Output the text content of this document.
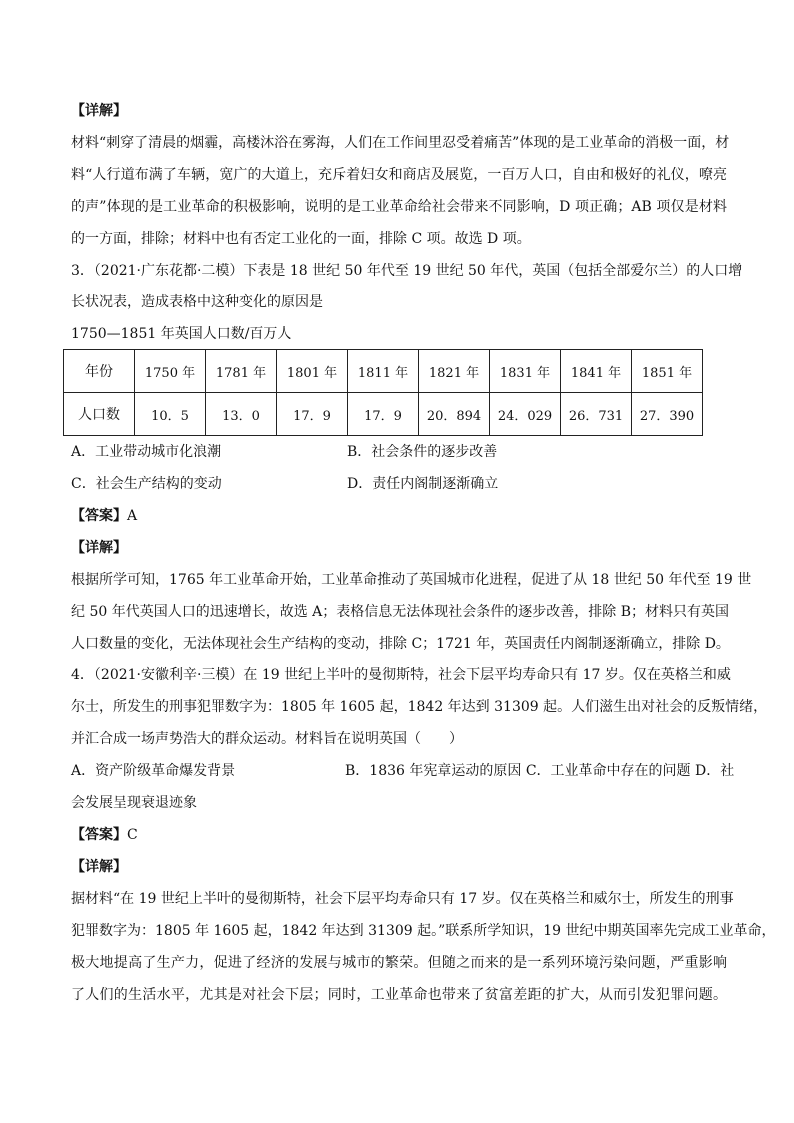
【详解】
材料“刺穿了清晨的烟霾，高楼沐浴在雾海，人们在工作间里忍受着痛苦”体现的是工业革命的消极一面，材
料“人行道布满了车辆，宽广的大道上，充斥着妇女和商店及展览，一百万人口，自由和极好的礼仪，嘹亮
的声”体现的是工业革命的积极影响，说明的是工业革命给社会带来不同影响，D 项正确；AB 项仅是材料
的一方面，排除；材料中也有否定工业化的一面，排除 C 项。故选 D 项。
3．（2021·广东花都·二模）下表是 18 世纪 50 年代至 19 世纪 50 年代，英国（包括全部爱尔兰）的人口增
长状况表，造成表格中这种变化的原因是
1750—1851 年英国人口数/百万人
年份	1750 年	1781 年	1801 年	1811 年	1821 年	1831 年	1841 年	1851 年
人口数	10．5	13．0	17．9	17．9	20．894	24．029	26．731	27．390
A．工业带动城市化浪潮	B．社会条件的逐步改善
C．社会生产结构的变动	D．责任内阁制逐渐确立
【答案】A
【详解】
根据所学可知，1765 年工业革命开始，工业革命推动了英国城市化进程，促进了从 18 世纪 50 年代至 19 世
纪 50 年代英国人口的迅速增长，故选 A；表格信息无法体现社会条件的逐步改善，排除 B；材料只有英国
人口数量的变化，无法体现社会生产结构的变动，排除 C；1721 年，英国责任内阁制逐渐确立，排除 D。
4．（2021·安徽利辛·三模）在 19 世纪上半叶的曼彻斯特，社会下层平均寿命只有 17 岁。仅在英格兰和威
尔士，所发生的刑事犯罪数字为：1805 年 1605 起，1842 年达到 31309 起。人们滋生出对社会的反叛情绪，
并汇合成一场声势浩大的群众运动。材料旨在说明英国（　　）
A．资产阶级革命爆发背景	B．1836 年宪章运动的原因 C．工业革命中存在的问题 D．社
会发展呈现衰退迹象
【答案】C
【详解】
据材料“在 19 世纪上半叶的曼彻斯特，社会下层平均寿命只有 17 岁。仅在英格兰和威尔士，所发生的刑事
犯罪数字为：1805 年 1605 起，1842 年达到 31309 起。”联系所学知识，19 世纪中期英国率先完成工业革命，
极大地提高了生产力，促进了经济的发展与城市的繁荣。但随之而来的是一系列环境污染问题，严重影响
了人们的生活水平，尤其是对社会下层；同时，工业革命也带来了贫富差距的扩大，从而引发犯罪问题。
